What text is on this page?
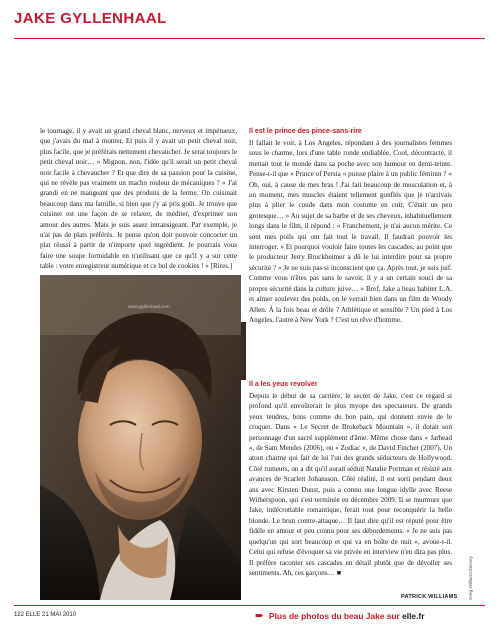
JAKE GYLLENHAAL

le tournage, il y avait un grand cheval blanc, nerveux et impétueux, que j'avais du mal à monter. Et puis il y avait un petit cheval noir, plus facile, que je préférais nettement chevaucher. Je serai toujours le petit cheval noir… » Mignon, non, l'idée qu'il serait un petit cheval noir facile à chevaucher ? Et que dire de sa passion pour la cuisine, qui ne révèle pas vraiment un macho rouleur de mécaniques ? « J'ai grandi en ne mangeant que des produits de la ferme. On cuisinait beaucoup dans ma famille, si bien que j'y ai pris goût. Je trouve que cuisiner est une façon de se relaxer, de méditer, d'exprimer son amour des autres. Mais je suis assez intransigeant. Par exemple, je n'ai pas de plats préférés. Je pense qu'on doit pouvoir concocter un plat réussi à partir de n'importe quel ingrédient. Je pourrais vous faire une soupe formidable en n'utilisant que ce qu'il y a sur cette table : votre enregistreur numérique et ce bol de cookies ! » [Rires.]

Il est le prince des pince-sans-rire

Il fallait le voir, à Los Angeles, répondant à des journalistes femmes sous le charme, lors d'une table ronde endiablée. Cool, décontracté, il mettait tout le monde dans sa poche avec son humour en demi-teinte. Pense-t-il que « Prince of Persia » puisse plaire à un public féminin ? « Oh, oui, à cause de mes bras ! J'ai fait beaucoup de musculation et, à un moment, mes muscles étaient tellement gonflés que je n'arrivais plus à plier le coude dans mon costume en cuir. C'était un peu grotesque… » Au sujet de sa barbe et de ses cheveux, inhabituellement longs dans le film, il répond : « Franchement, je n'ai aucun mérite. Ce sont mes poils qui ont fait tout le travail. Il faudrait pouvoir les interroger. » Et pourquoi vouloir faire toutes les cascades, au point que le producteur Jerry Bruckheimer a dû le lui interdire pour sa propre sécurité ? « Je ne suis pas si inconscient que ça. Après tout, je suis juif. Comme vous n'êtes pas sans le savoir, il y a un certain souci de sa propre sécurité dans la culture juive… » Bref, Jake a beau habiter L.A. et aimer soulever des poids, on le verrait bien dans un film de Woody Allen. À la fois beau et drôle ? Athlétique et sensible ? Un pied à Los Angeles, l'autre à New York ? C'est un rêve d'homme.

Il a les yeux revolver

Depuis le début de sa carrière, le secret de Jake, c'est ce regard si profond qu'il envoûterait le plus myope des spectateurs. De grands yeux tendres, bons comme du bon pain, qui donnent envie de le croquer. Dans « Le Secret de Brokeback Mountain », il dotait son personnage d'un sacré supplément d'âme. Même chose dans « Jarhead », de Sam Mendes (2006), ou « Zodiac », de David Fincher (2007). Un atout charme qui fait de lui l'un des grands séducteurs de Hollywood. Côté rumeurs, on a dit qu'il aurait séduit Natalie Portman et résisté aux avances de Scarlett Johansson. Côté réalité, il est sorti pendant deux ans avec Kirsten Dunst, puis a connu une longue idylle avec Reese Witherspoon, qui s'est terminée en décembre 2009. Il se murmure que Jake, indécrottable romantique, ferait tout pour reconquérir la belle blonde. Le brun contre-attaque… Il faut dire qu'il est réputé pour être fidèle en amour et peu connu pour ses débordements. « Je ne suis pas quelqu'un qui sort beaucoup et qui va en boîte de nuit », avoue-t-il. Celui qui refuse d'évoquer sa vie privée en interview n'en dira pas plus. Il préfère raconter ses cascades en détail plutôt que de dévoiler ses sentiments. Ah, ces garçons… ■

PATRICK WILLIAMS
www.gyllenhaal.com
Greg Williams/Disney
122 ELLE 21 MAI 2010	➨ Plus de photos du beau Jake sur elle.fr
